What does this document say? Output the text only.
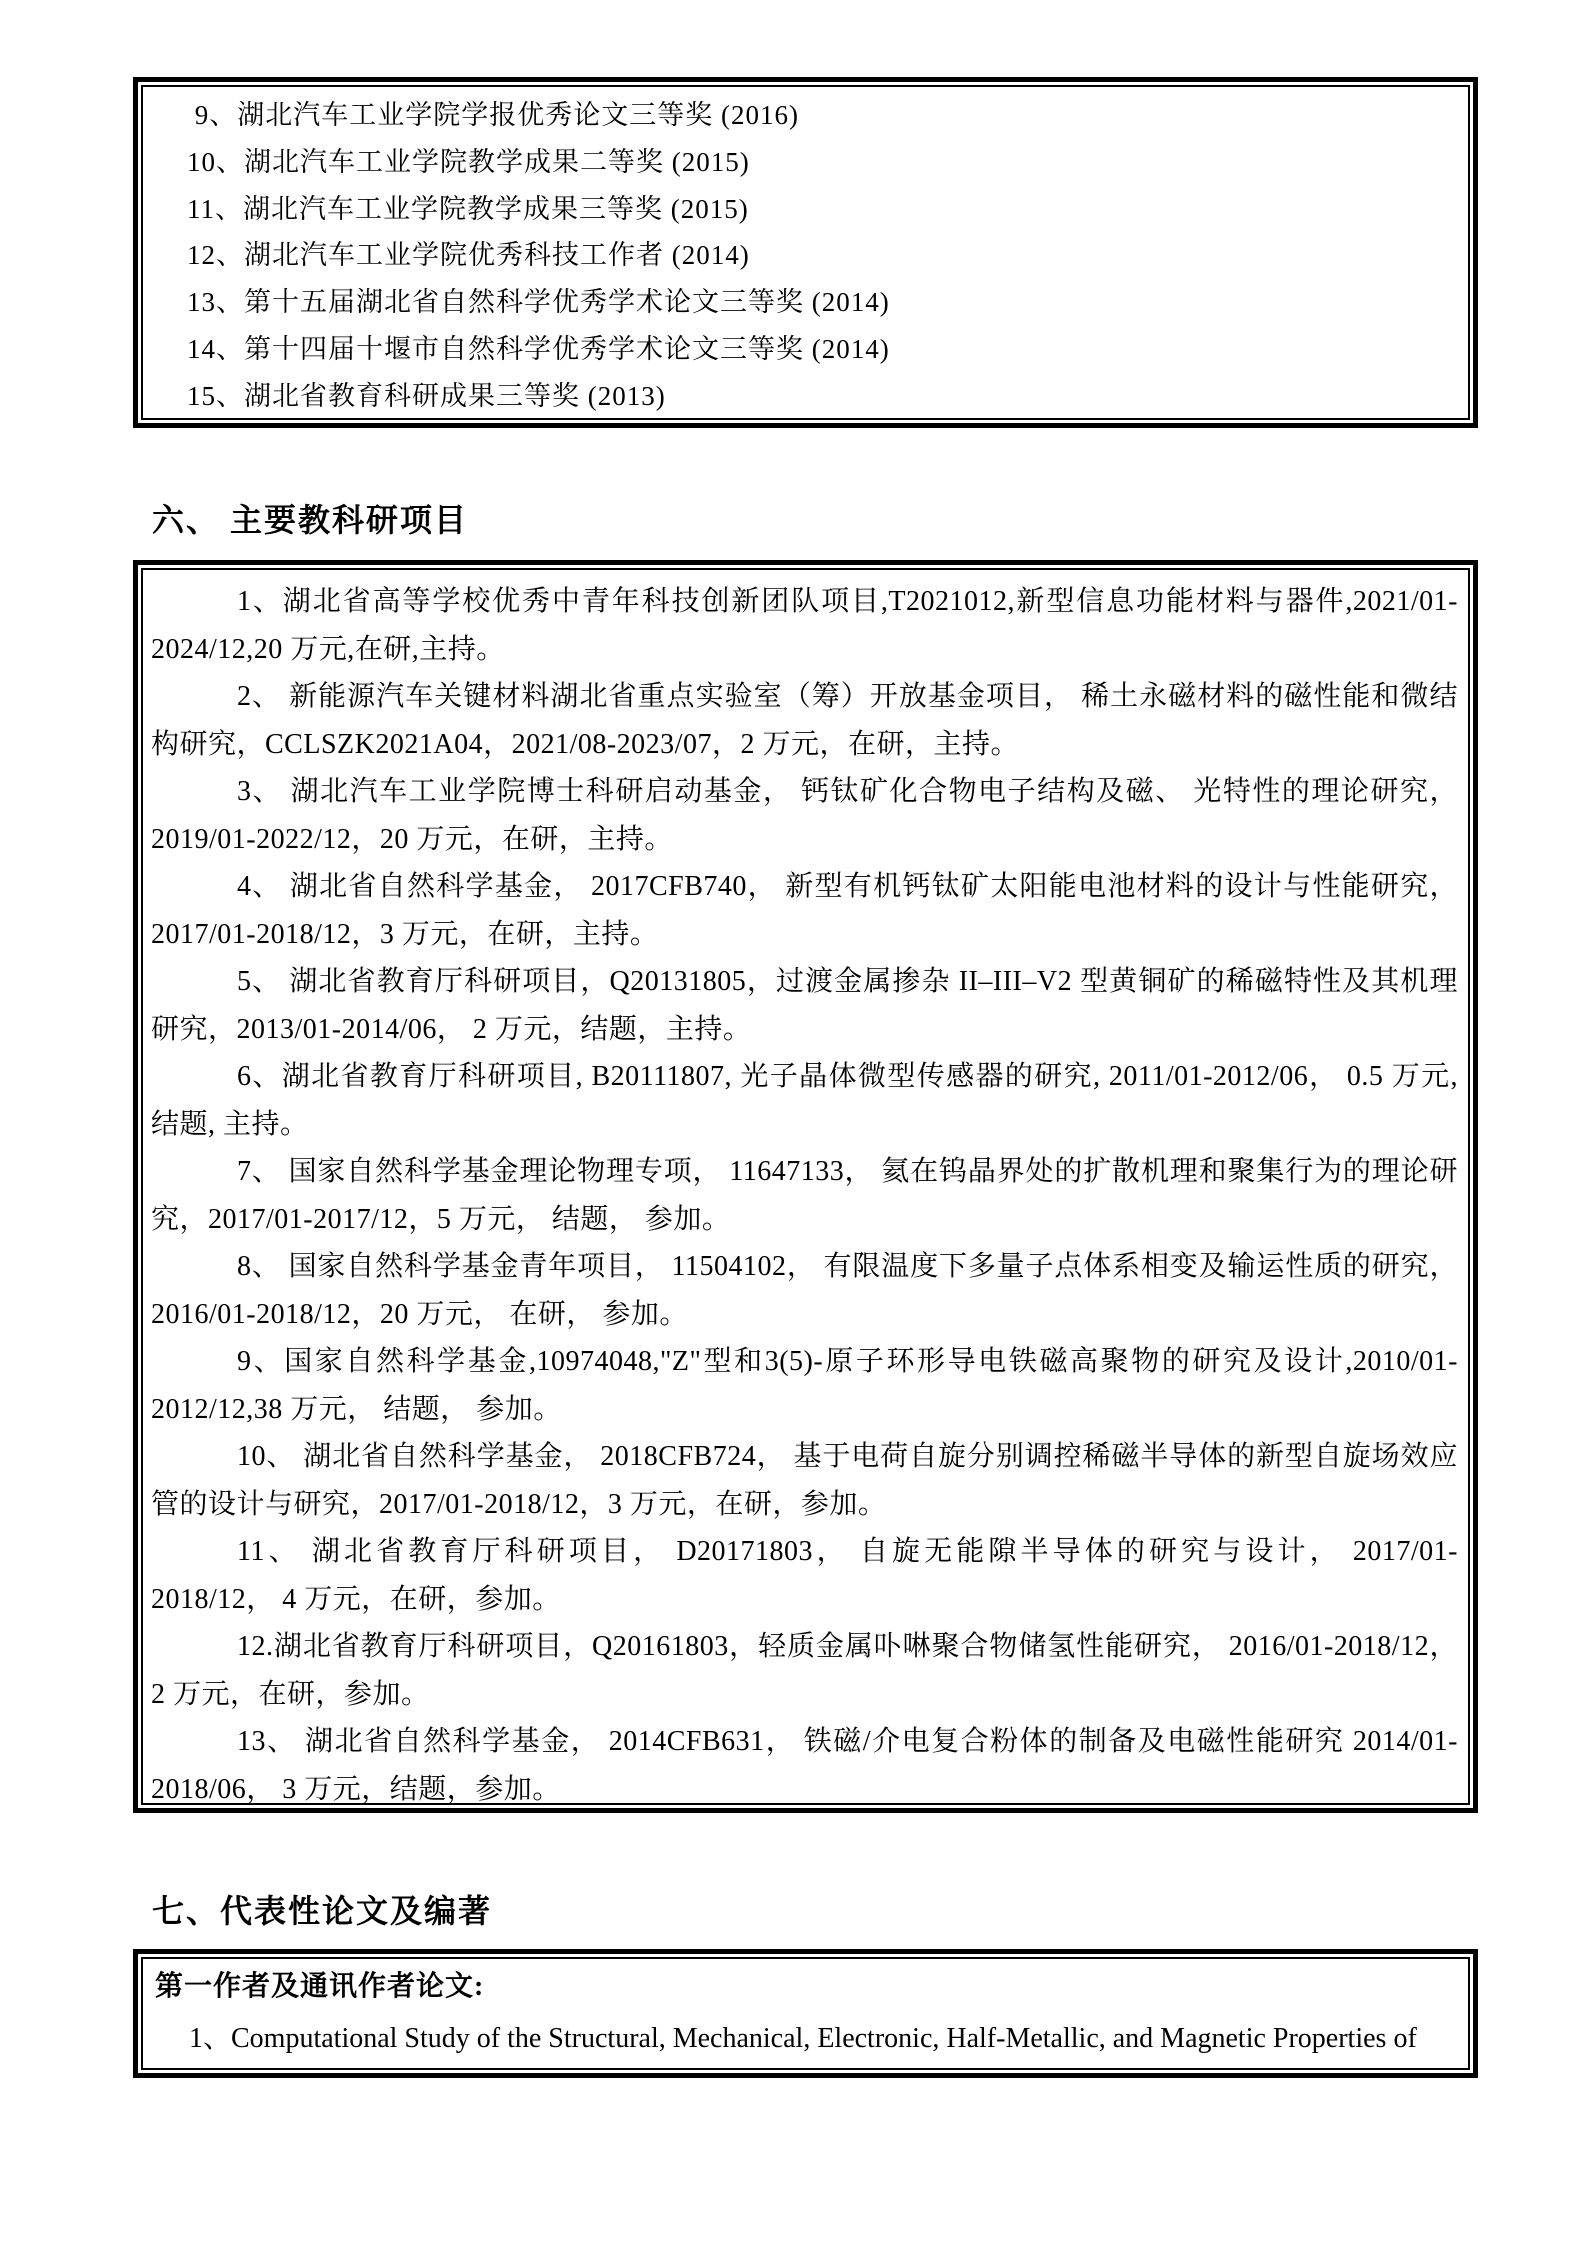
9、湖北汽车工业学院学报优秀论文三等奖 (2016)
10、湖北汽车工业学院教学成果二等奖 (2015)
11、湖北汽车工业学院教学成果三等奖 (2015)
12、湖北汽车工业学院优秀科技工作者 (2014)
13、第十五届湖北省自然科学优秀学术论文三等奖 (2014)
14、第十四届十堰市自然科学优秀学术论文三等奖 (2014)
15、湖北省教育科研成果三等奖 (2013)
六、 主要教科研项目

1、湖北省高等学校优秀中青年科技创新团队项目,T2021012,新型信息功能材料与器件,2021/01-2024/12,20 万元,在研,主持。

2、 新能源汽车关键材料湖北省重点实验室（筹）开放基金项目， 稀土永磁材料的磁性能和微结构研究，CCLSZK2021A04，2021/08-2023/07，2 万元，在研，主持。

3、 湖北汽车工业学院博士科研启动基金， 钙钛矿化合物电子结构及磁、 光特性的理论研究，2019/01-2022/12，20 万元，在研，主持。

4、 湖北省自然科学基金， 2017CFB740， 新型有机钙钛矿太阳能电池材料的设计与性能研究，2017/01-2018/12，3 万元，在研，主持。

5、 湖北省教育厅科研项目，Q20131805，过渡金属掺杂 II–III–V2 型黄铜矿的稀磁特性及其机理研究，2013/01-2014/06， 2 万元，结题，主持。

6、湖北省教育厅科研项目, B20111807, 光子晶体微型传感器的研究, 2011/01-2012/06， 0.5 万元, 结题, 主持。

7、 国家自然科学基金理论物理专项， 11647133， 氦在钨晶界处的扩散机理和聚集行为的理论研究，2017/01-2017/12，5 万元， 结题， 参加。

8、 国家自然科学基金青年项目， 11504102， 有限温度下多量子点体系相变及输运性质的研究，2016/01-2018/12，20 万元， 在研， 参加。

9、国家自然科学基金,10974048,"Z"型和3(5)-原子环形导电铁磁高聚物的研究及设计,2010/01-2012/12,38 万元， 结题， 参加。

10、 湖北省自然科学基金， 2018CFB724， 基于电荷自旋分别调控稀磁半导体的新型自旋场效应管的设计与研究，2017/01-2018/12，3 万元，在研，参加。

11、 湖北省教育厅科研项目， D20171803， 自旋无能隙半导体的研究与设计， 2017/01-2018/12， 4 万元，在研，参加。

12.湖北省教育厅科研项目，Q20161803，轻质金属卟啉聚合物储氢性能研究， 2016/01-2018/12， 2 万元，在研，参加。

13、 湖北省自然科学基金， 2014CFB631， 铁磁/介电复合粉体的制备及电磁性能研究 2014/01-2018/06， 3 万元，结题，参加。

七、代表性论文及编著
第一作者及通讯作者论文:
1、Computational Study of the Structural, Mechanical, Electronic, Half-Metallic, and Magnetic Properties of
